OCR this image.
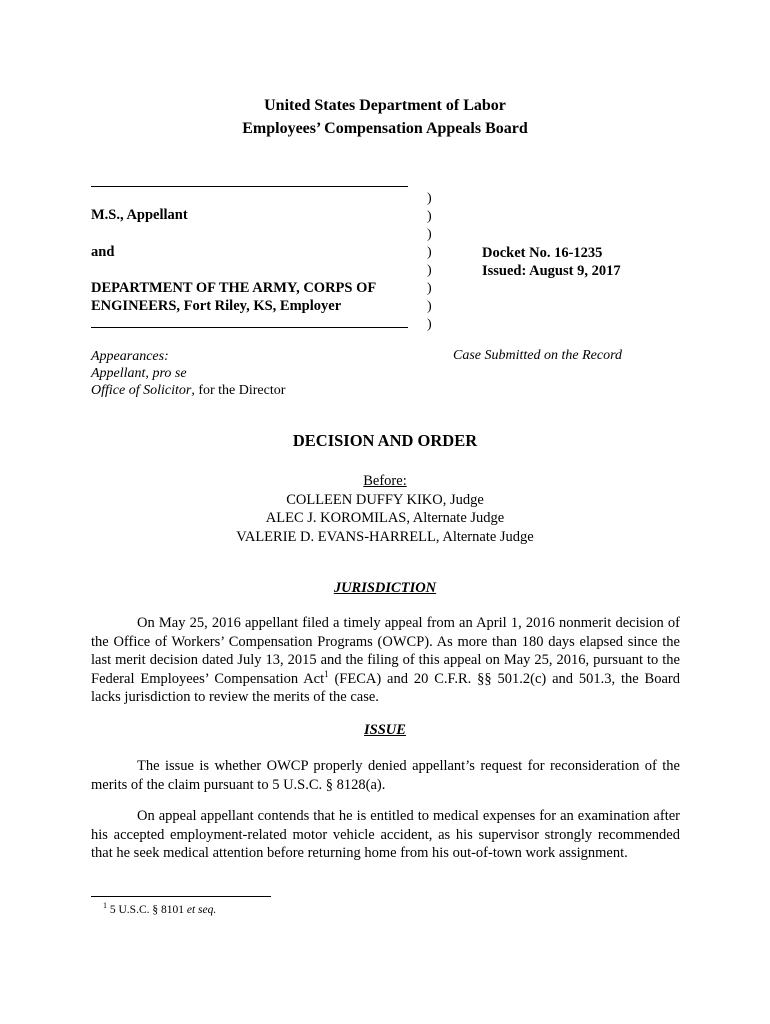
United States Department of Labor
Employees’ Compensation Appeals Board
M.S., Appellant
and
DEPARTMENT OF THE ARMY, CORPS OF
ENGINEERS, Fort Riley, KS, Employer
)
)
)
)
)
)
)
)
Docket No. 16-1235
Issued: August 9, 2017
Appearances:
Appellant, pro se
Office of Solicitor, for the Director
Case Submitted on the Record
DECISION AND ORDER
Before:
COLLEEN DUFFY KIKO, Judge
ALEC J. KOROMILAS, Alternate Judge
VALERIE D. EVANS-HARRELL, Alternate Judge
JURISDICTION
On May 25, 2016 appellant filed a timely appeal from an April 1, 2016 nonmerit decision of the Office of Workers’ Compensation Programs (OWCP). As more than 180 days elapsed since the last merit decision dated July 13, 2015 and the filing of this appeal on May 25, 2016, pursuant to the Federal Employees’ Compensation Act$^1$ (FECA) and 20 C.F.R. §§ 501.2(c) and 501.3, the Board lacks jurisdiction to review the merits of the case.
ISSUE
The issue is whether OWCP properly denied appellant’s request for reconsideration of the merits of the claim pursuant to 5 U.S.C. § 8128(a).
On appeal appellant contends that he is entitled to medical expenses for an examination after his accepted employment-related motor vehicle accident, as his supervisor strongly recommended that he seek medical attention before returning home from his out-of-town work assignment.
$^1$ 5 U.S.C. § 8101 et seq.
